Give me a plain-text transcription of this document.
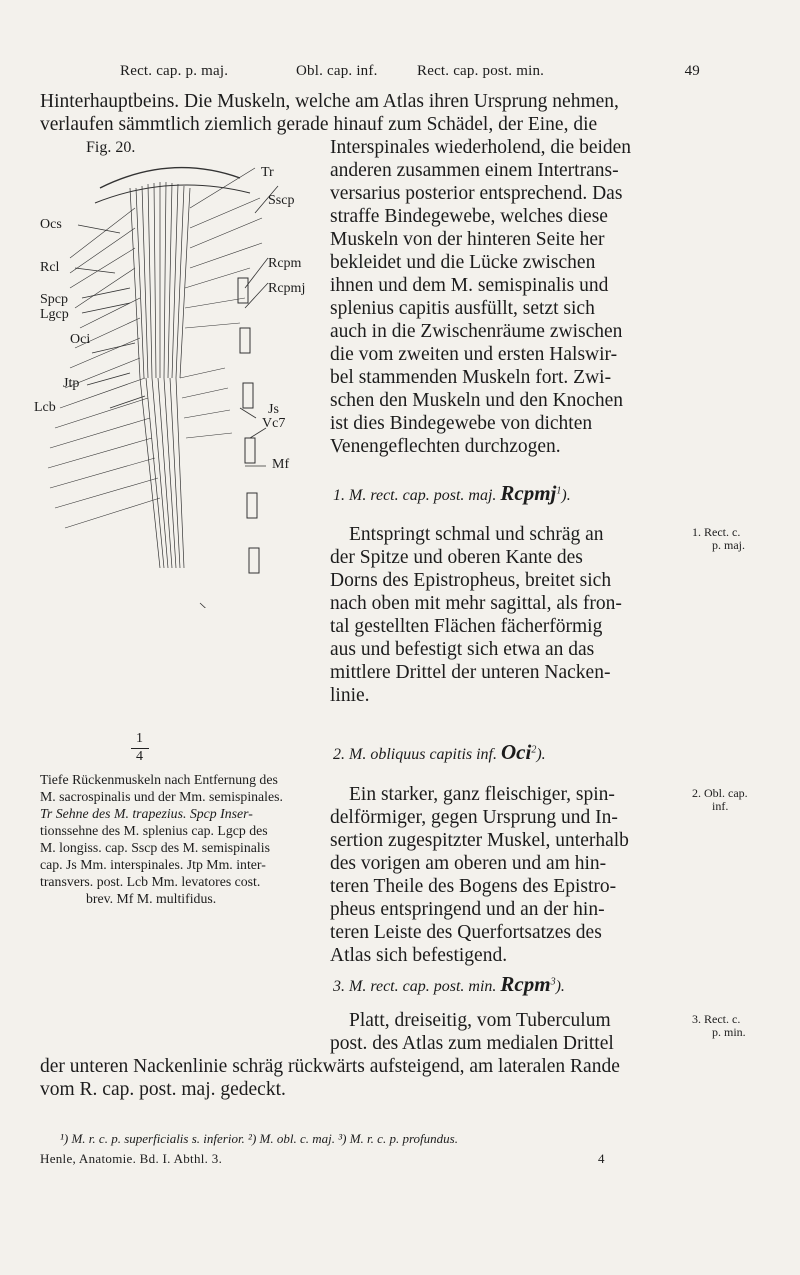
Rect. cap. p. maj.	Obl. cap. inf.	Rect. cap. post. min.	49
Hinterhauptbeins. Die Muskeln, welche am Atlas ihren Ursprung nehmen,
verlaufen sämmtlich ziemlich gerade hinauf zum Schädel, der Eine, die
Fig. 20.
Tr
Sscp
Ocs
Rcl	Rcpm
Spcp
Lgcp
Rcpmj
Oci
Jtp
Lcb	Js
Vc7
Mf
1
4
Tiefe Rückenmuskeln nach Entfernung des
M. sacrospinalis und der Mm. semispinales.
Tr Sehne des M. trapezius. Spcp Inser-
tionssehne des M. splenius cap. Lgcp des
M. longiss. cap. Sscp des M. semispinalis
cap. Js Mm. interspinales. Jtp Mm. inter-
transvers. post. Lcb Mm. levatores cost.
brev. Mf M. multifidus.
Interspinales wiederholend, die beiden
anderen zusammen einem Intertrans-
versarius posterior entsprechend. Das
straffe Bindegewebe, welches diese
Muskeln von der hinteren Seite her
bekleidet und die Lücke zwischen
ihnen und dem M. semispinalis und
splenius capitis ausfüllt, setzt sich
auch in die Zwischenräume zwischen
die vom zweiten und ersten Halswir-
bel stammenden Muskeln fort. Zwi-
schen den Muskeln und den Knochen
ist dies Bindegewebe von dichten
Venengeflechten durchzogen.
1. M. rect. cap. post. maj. Rcpmj$^1$).
Entspringt schmal und schräg an
der Spitze und oberen Kante des
Dorns des Epistropheus, breitet sich
nach oben mit mehr sagittal, als fron-
tal gestellten Flächen fächerförmig
aus und befestigt sich etwa an das
mittlere Drittel der unteren Nacken-
linie.
1. Rect. c.
p. maj.
2. M. obliquus capitis inf. Oci$^2$).
Ein starker, ganz fleischiger, spin-
delförmiger, gegen Ursprung und In-
sertion zugespitzter Muskel, unterhalb
des vorigen am oberen und am hin-
teren Theile des Bogens des Epistro-
pheus entspringend und an der hin-
teren Leiste des Querfortsatzes des
Atlas sich befestigend.
2. Obl. cap.
inf.
3. M. rect. cap. post. min. Rcpm$^3$).
Platt, dreiseitig, vom Tuberculum
post. des Atlas zum medialen Drittel
3. Rect. c.
p. min.
der unteren Nackenlinie schräg rückwärts aufsteigend, am lateralen Rande
vom R. cap. post. maj. gedeckt.
¹) M. r. c. p. superficialis s. inferior. ²) M. obl. c. maj. ³) M. r. c. p. profundus.
Henle, Anatomie. Bd. I. Abthl. 3.	4
